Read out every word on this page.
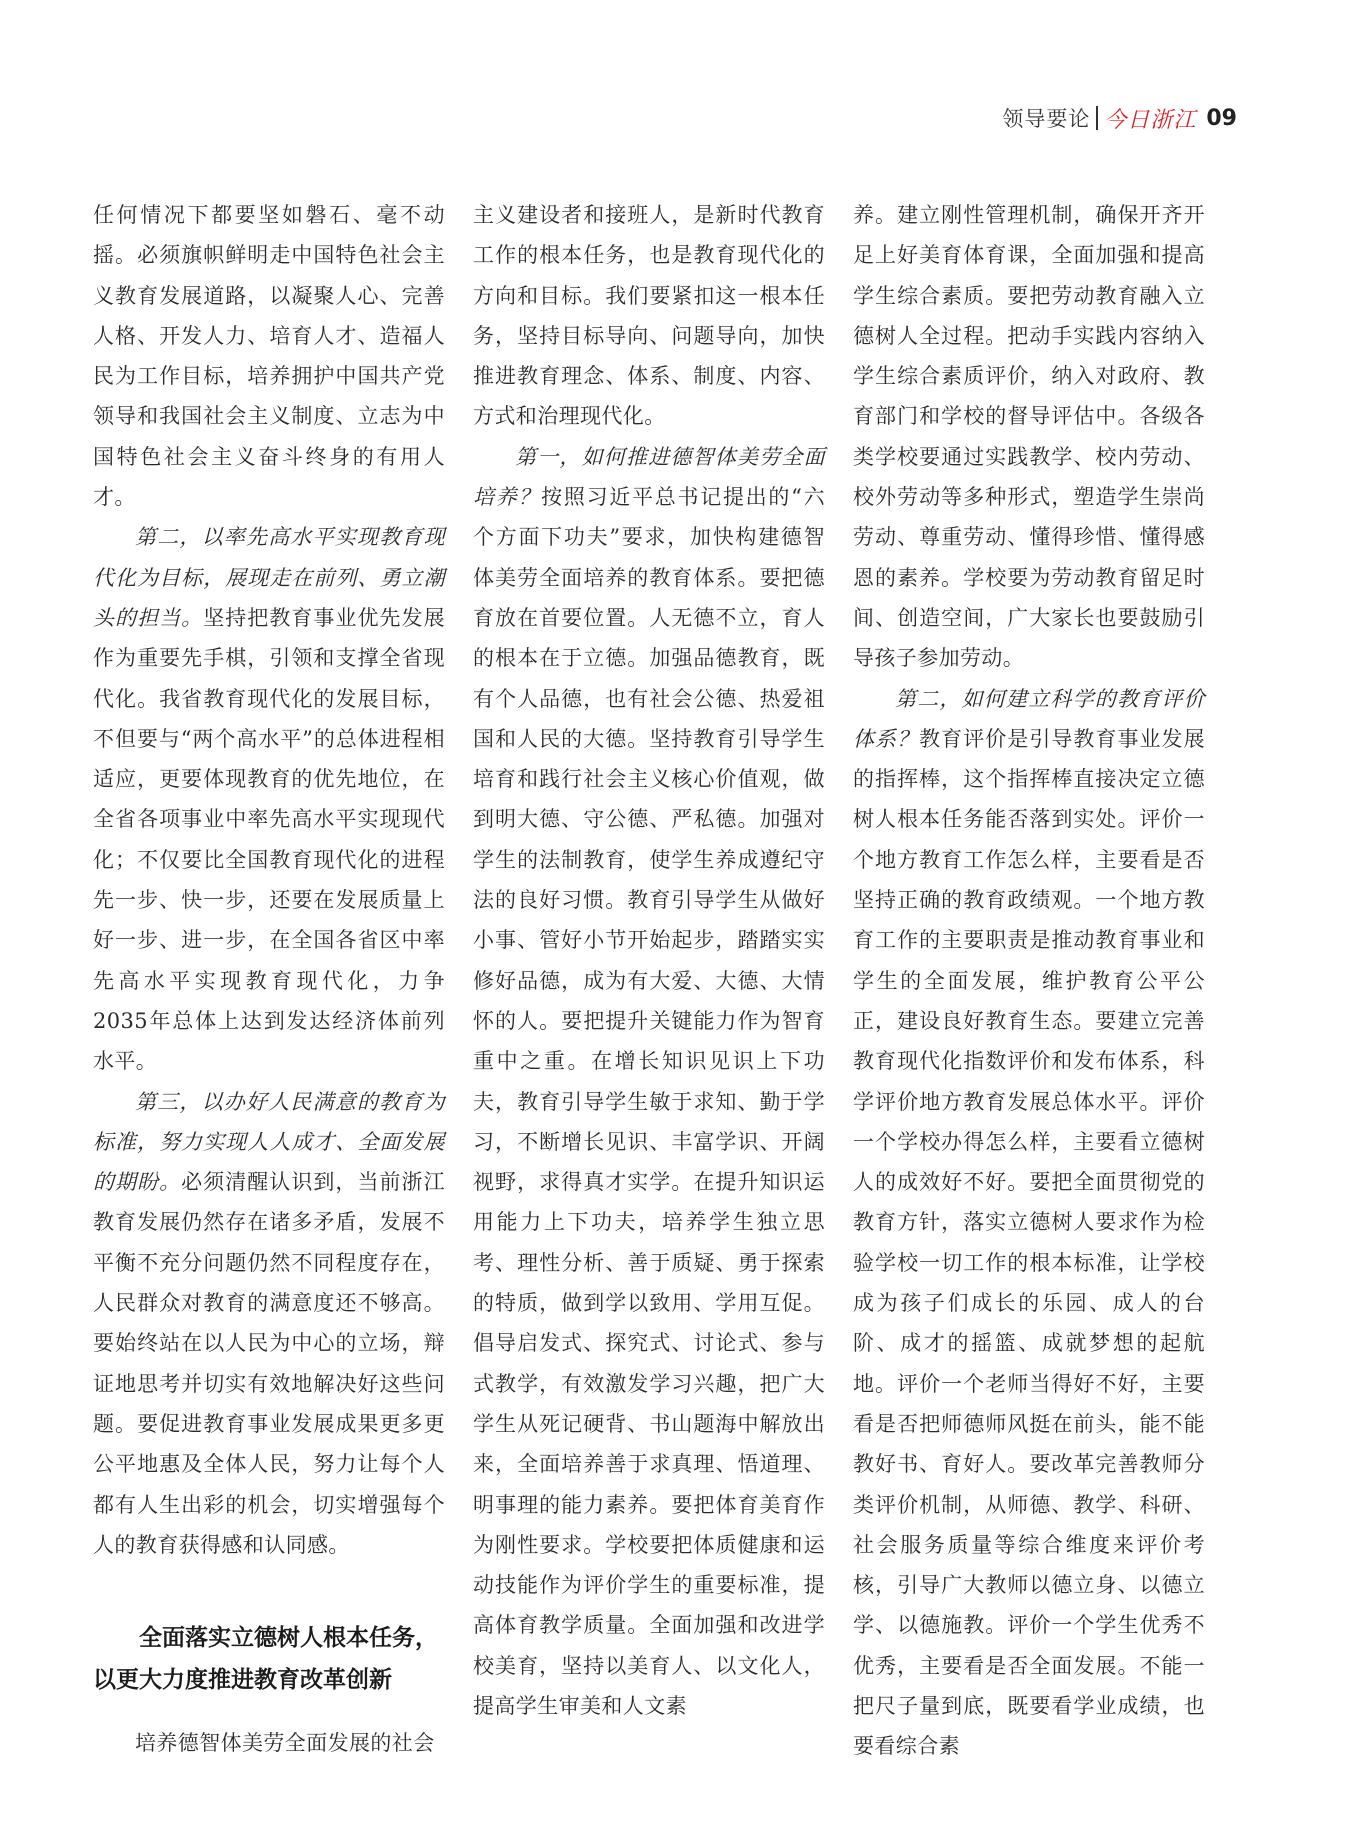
领导要论 今日浙江 09

任何情况下都要坚如磐石、毫不动摇。必须旗帜鲜明走中国特色社会主义教育发展道路，以凝聚人心、完善人格、开发人力、培育人才、造福人民为工作目标，培养拥护中国共产党领导和我国社会主义制度、立志为中国特色社会主义奋斗终身的有用人才。

第二，以率先高水平实现教育现代化为目标，展现走在前列、勇立潮头的担当。坚持把教育事业优先发展作为重要先手棋，引领和支撑全省现代化。我省教育现代化的发展目标，不但要与“两个高水平”的总体进程相适应，更要体现教育的优先地位，在全省各项事业中率先高水平实现现代化；不仅要比全国教育现代化的进程先一步、快一步，还要在发展质量上好一步、进一步，在全国各省区中率先高水平实现教育现代化，力争2035年总体上达到发达经济体前列水平。

第三，以办好人民满意的教育为标准，努力实现人人成才、全面发展的期盼。必须清醒认识到，当前浙江教育发展仍然存在诸多矛盾，发展不平衡不充分问题仍然不同程度存在，人民群众对教育的满意度还不够高。要始终站在以人民为中心的立场，辩证地思考并切实有效地解决好这些问题。要促进教育事业发展成果更多更公平地惠及全体人民，努力让每个人都有人生出彩的机会，切实增强每个人的教育获得感和认同感。

全面落实立德树人根本任务，
以更大力度推进教育改革创新

培养德智体美劳全面发展的社会

主义建设者和接班人，是新时代教育工作的根本任务，也是教育现代化的方向和目标。我们要紧扣这一根本任务，坚持目标导向、问题导向，加快推进教育理念、体系、制度、内容、方式和治理现代化。

第一，如何推进德智体美劳全面培养？按照习近平总书记提出的“六个方面下功夫”要求，加快构建德智体美劳全面培养的教育体系。要把德育放在首要位置。人无德不立，育人的根本在于立德。加强品德教育，既有个人品德，也有社会公德、热爱祖国和人民的大德。坚持教育引导学生培育和践行社会主义核心价值观，做到明大德、守公德、严私德。加强对学生的法制教育，使学生养成遵纪守法的良好习惯。教育引导学生从做好小事、管好小节开始起步，踏踏实实修好品德，成为有大爱、大德、大情怀的人。要把提升关键能力作为智育重中之重。在增长知识见识上下功夫，教育引导学生敏于求知、勤于学习，不断增长见识、丰富学识、开阔视野，求得真才实学。在提升知识运用能力上下功夫，培养学生独立思考、理性分析、善于质疑、勇于探索的特质，做到学以致用、学用互促。倡导启发式、探究式、讨论式、参与式教学，有效激发学习兴趣，把广大学生从死记硬背、书山题海中解放出来，全面培养善于求真理、悟道理、明事理的能力素养。要把体育美育作为刚性要求。学校要把体质健康和运动技能作为评价学生的重要标准，提高体育教学质量。全面加强和改进学校美育，坚持以美育人、以文化人，提高学生审美和人文素

养。建立刚性管理机制，确保开齐开足上好美育体育课，全面加强和提高学生综合素质。要把劳动教育融入立德树人全过程。把动手实践内容纳入学生综合素质评价，纳入对政府、教育部门和学校的督导评估中。各级各类学校要通过实践教学、校内劳动、校外劳动等多种形式，塑造学生崇尚劳动、尊重劳动、懂得珍惜、懂得感恩的素养。学校要为劳动教育留足时间、创造空间，广大家长也要鼓励引导孩子参加劳动。

第二，如何建立科学的教育评价体系？教育评价是引导教育事业发展的指挥棒，这个指挥棒直接决定立德树人根本任务能否落到实处。评价一个地方教育工作怎么样，主要看是否坚持正确的教育政绩观。一个地方教育工作的主要职责是推动教育事业和学生的全面发展，维护教育公平公正，建设良好教育生态。要建立完善教育现代化指数评价和发布体系，科学评价地方教育发展总体水平。评价一个学校办得怎么样，主要看立德树人的成效好不好。要把全面贯彻党的教育方针，落实立德树人要求作为检验学校一切工作的根本标准，让学校成为孩子们成长的乐园、成人的台阶、成才的摇篮、成就梦想的起航地。评价一个老师当得好不好，主要看是否把师德师风挺在前头，能不能教好书、育好人。要改革完善教师分类评价机制，从师德、教学、科研、社会服务质量等综合维度来评价考核，引导广大教师以德立身、以德立学、以德施教。评价一个学生优秀不优秀，主要看是否全面发展。不能一把尺子量到底，既要看学业成绩，也要看综合素
